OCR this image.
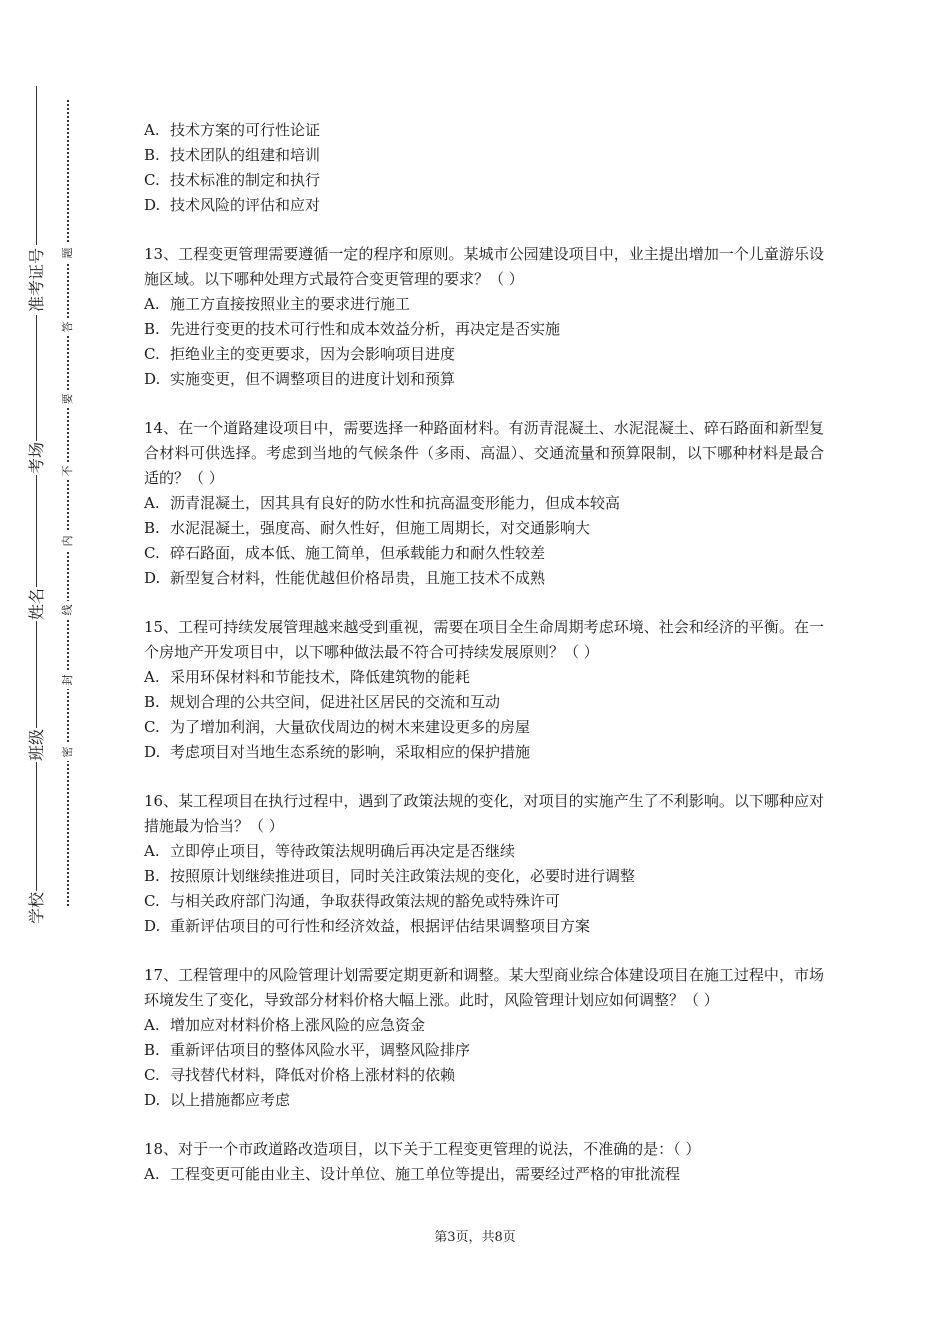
准考证号
考场
姓名
班级
学校
题
答
要
不
内
线
封
密
A. 技术方案的可行性论证
B. 技术团队的组建和培训
C. 技术标准的制定和执行
D. 技术风险的评估和应对
13、工程变更管理需要遵循一定的程序和原则。某城市公园建设项目中，业主提出增加一个儿童游乐设施区域。以下哪种处理方式最符合变更管理的要求？（ ）
A. 施工方直接按照业主的要求进行施工
B. 先进行变更的技术可行性和成本效益分析，再决定是否实施
C. 拒绝业主的变更要求，因为会影响项目进度
D. 实施变更，但不调整项目的进度计划和预算
14、在一个道路建设项目中，需要选择一种路面材料。有沥青混凝土、水泥混凝土、碎石路面和新型复合材料可供选择。考虑到当地的气候条件（多雨、高温）、交通流量和预算限制，以下哪种材料是最合适的？（ ）
A. 沥青混凝土，因其具有良好的防水性和抗高温变形能力，但成本较高
B. 水泥混凝土，强度高、耐久性好，但施工周期长，对交通影响大
C. 碎石路面，成本低、施工简单，但承载能力和耐久性较差
D. 新型复合材料，性能优越但价格昂贵，且施工技术不成熟
15、工程可持续发展管理越来越受到重视，需要在项目全生命周期考虑环境、社会和经济的平衡。在一个房地产开发项目中，以下哪种做法最不符合可持续发展原则？（ ）
A. 采用环保材料和节能技术，降低建筑物的能耗
B. 规划合理的公共空间，促进社区居民的交流和互动
C. 为了增加利润，大量砍伐周边的树木来建设更多的房屋
D. 考虑项目对当地生态系统的影响，采取相应的保护措施
16、某工程项目在执行过程中，遇到了政策法规的变化，对项目的实施产生了不利影响。以下哪种应对措施最为恰当？（ ）
A. 立即停止项目，等待政策法规明确后再决定是否继续
B. 按照原计划继续推进项目，同时关注政策法规的变化，必要时进行调整
C. 与相关政府部门沟通，争取获得政策法规的豁免或特殊许可
D. 重新评估项目的可行性和经济效益，根据评估结果调整项目方案
17、工程管理中的风险管理计划需要定期更新和调整。某大型商业综合体建设项目在施工过程中，市场环境发生了变化，导致部分材料价格大幅上涨。此时，风险管理计划应如何调整？（ ）
A. 增加应对材料价格上涨风险的应急资金
B. 重新评估项目的整体风险水平，调整风险排序
C. 寻找替代材料，降低对价格上涨材料的依赖
D. 以上措施都应考虑
18、对于一个市政道路改造项目，以下关于工程变更管理的说法，不准确的是：（ ）
A. 工程变更可能由业主、设计单位、施工单位等提出，需要经过严格的审批流程
第3页，共8页
